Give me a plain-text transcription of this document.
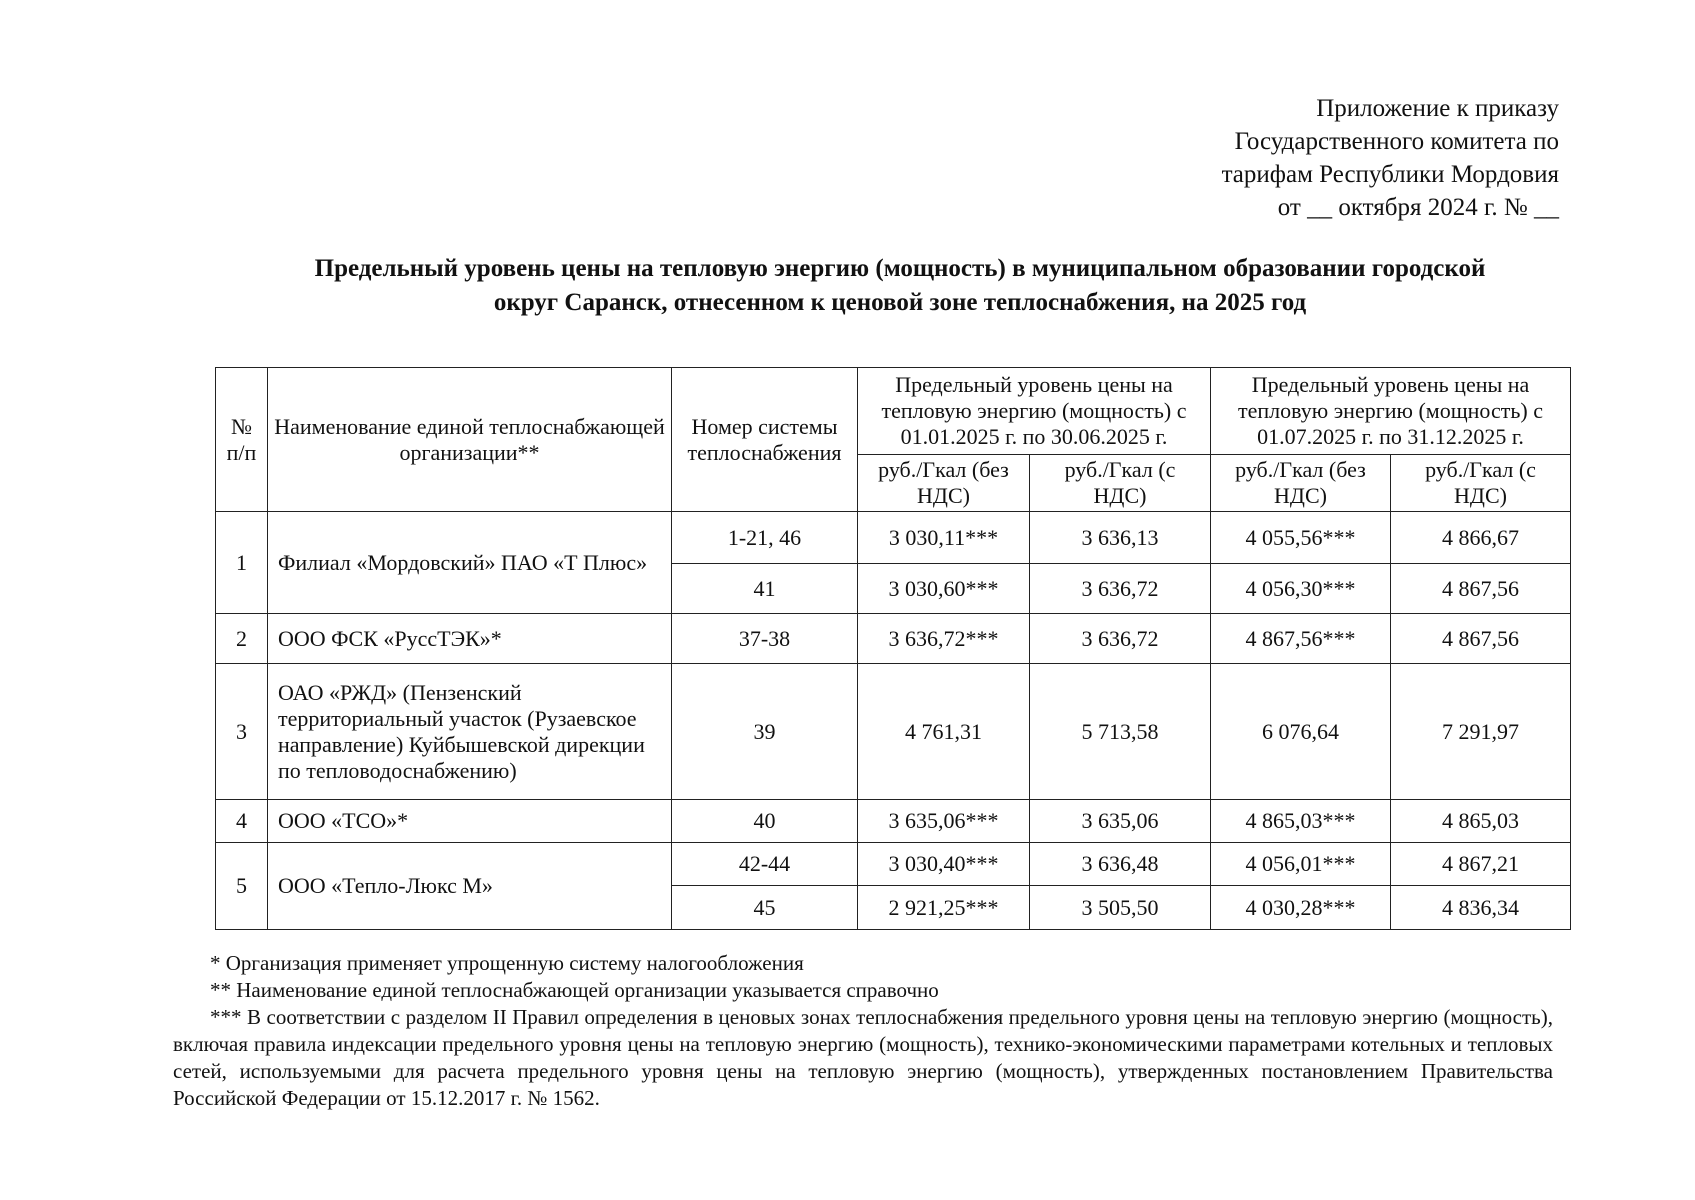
Приложение к приказу
Государственного комитета по
тарифам Республики Мордовия
от __ октября 2024 г. № __
Предельный уровень цены на тепловую энергию (мощность) в муниципальном образовании городской
округ Саранск, отнесенном к ценовой зоне теплоснабжения, на 2025 год
№ п/п	Наименование единой теплоснабжающей организации**	Номер системы теплоснабжения	Предельный уровень цены на тепловую энергию (мощность) с 01.01.2025 г. по 30.06.2025 г.		Предельный уровень цены на тепловую энергию (мощность) с 01.07.2025 г. по 31.12.2025 г.	
			руб./Гкал (без НДС)	руб./Гкал (с НДС)	руб./Гкал (без НДС)	руб./Гкал (с НДС)
1	Филиал «Мордовский» ПАО «Т Плюс»	1-21, 46	3 030,11***	3 636,13	4 055,56***	4 866,67
		41	3 030,60***	3 636,72	4 056,30***	4 867,56
2	ООО ФСК «РуссТЭК»*	37-38	3 636,72***	3 636,72	4 867,56***	4 867,56
3	ОАО «РЖД» (Пензенский территориальный участок (Рузаевское направление) Куйбышевской дирекции по тепловодоснабжению)	39	4 761,31	5 713,58	6 076,64	7 291,97
4	ООО «ТСО»*	40	3 635,06***	3 635,06	4 865,03***	4 865,03
5	ООО «Тепло-Люкс М»	42-44	3 030,40***	3 636,48	4 056,01***	4 867,21
		45	2 921,25***	3 505,50	4 030,28***	4 836,34

* Организация применяет упрощенную систему налогообложения

** Наименование единой теплоснабжающей организации указывается справочно

*** В соответствии с разделом II Правил определения в ценовых зонах теплоснабжения предельного уровня цены на тепловую энергию (мощность), включая правила индексации предельного уровня цены на тепловую энергию (мощность), технико-экономическими параметрами котельных и тепловых сетей, используемыми для расчета предельного уровня цены на тепловую энергию (мощность), утвержденных постановлением Правительства Российской Федерации от 15.12.2017 г. № 1562.
